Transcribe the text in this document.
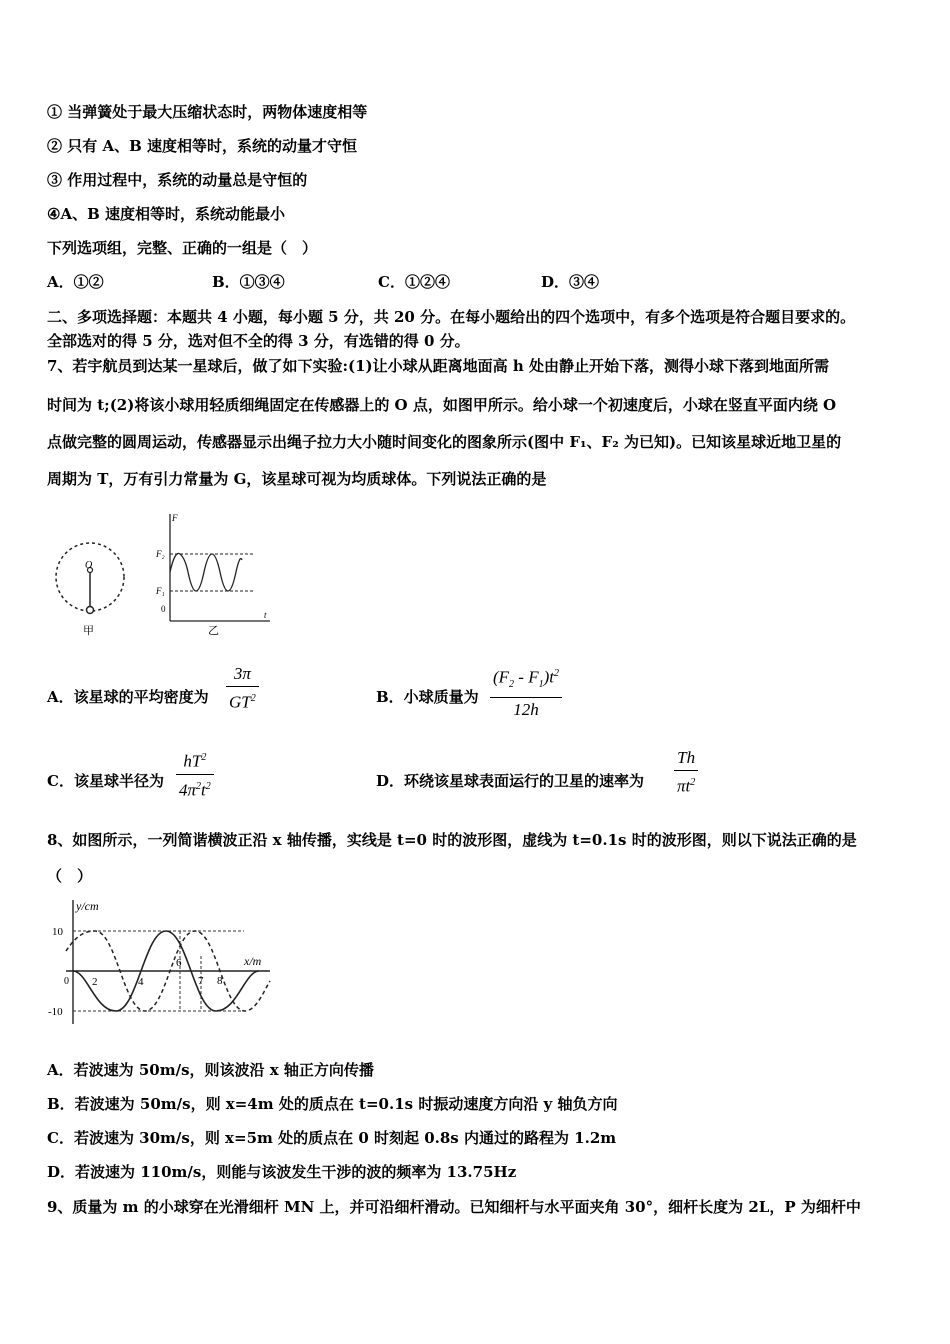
① 当弹簧处于最大压缩状态时，两物体速度相等
② 只有 A、B 速度相等时，系统的动量才守恒
③ 作用过程中，系统的动量总是守恒的
④A、B 速度相等时，系统动能最小
下列选项组，完整、正确的一组是（　）
A．①②	B．①③④	C．①②④	D．③④
二、多项选择题：本题共 4 小题，每小题 5 分，共 20 分。在每小题给出的四个选项中，有多个选项是符合题目要求的。
全部选对的得 5 分，选对但不全的得 3 分，有选错的得 0 分。
7、若宇航员到达某一星球后，做了如下实验:(1)让小球从距离地面高 h 处由静止开始下落，测得小球下落到地面所需
时间为 t;(2)将该小球用轻质细绳固定在传感器上的 O 点，如图甲所示。给小球一个初速度后，小球在竖直平面内绕 O
点做完整的圆周运动，传感器显示出绳子拉力大小随时间变化的图象所示(图中 F₁、F₂ 为已知)。已知该星球近地卫星的
周期为 T，万有引力常量为 G，该星球可视为均质球体。下列说法正确的是
O
甲
F
F₂
F₁
0
t
乙
A．该星球的平均密度为
3π
$GT^2$	B．小球质量为
$(F_2 - F_1)t^2$
12h
C．该星球半径为
$hT^2$
$4\pi^2t^2$	D．环绕该星球表面运行的卫星的速率为
Th
$\pi t^2$
8、如图所示，一列简谐横波正沿 x 轴传播，实线是 t=0 时的波形图，虚线为 t=0.1s 时的波形图，则以下说法正确的是
（　）
y/cm
x/m
10
-10
0 2	4
6
7 8
A．若波速为 50m/s，则该波沿 x 轴正方向传播
B．若波速为 50m/s，则 x=4m 处的质点在 t=0.1s 时振动速度方向沿 y 轴负方向
C．若波速为 30m/s，则 x=5m 处的质点在 0 时刻起 0.8s 内通过的路程为 1.2m
D．若波速为 110m/s，则能与该波发生干涉的波的频率为 13.75Hz
9、质量为 m 的小球穿在光滑细杆 MN 上，并可沿细杆滑动。已知细杆与水平面夹角 30°，细杆长度为 2L，P 为细杆中
